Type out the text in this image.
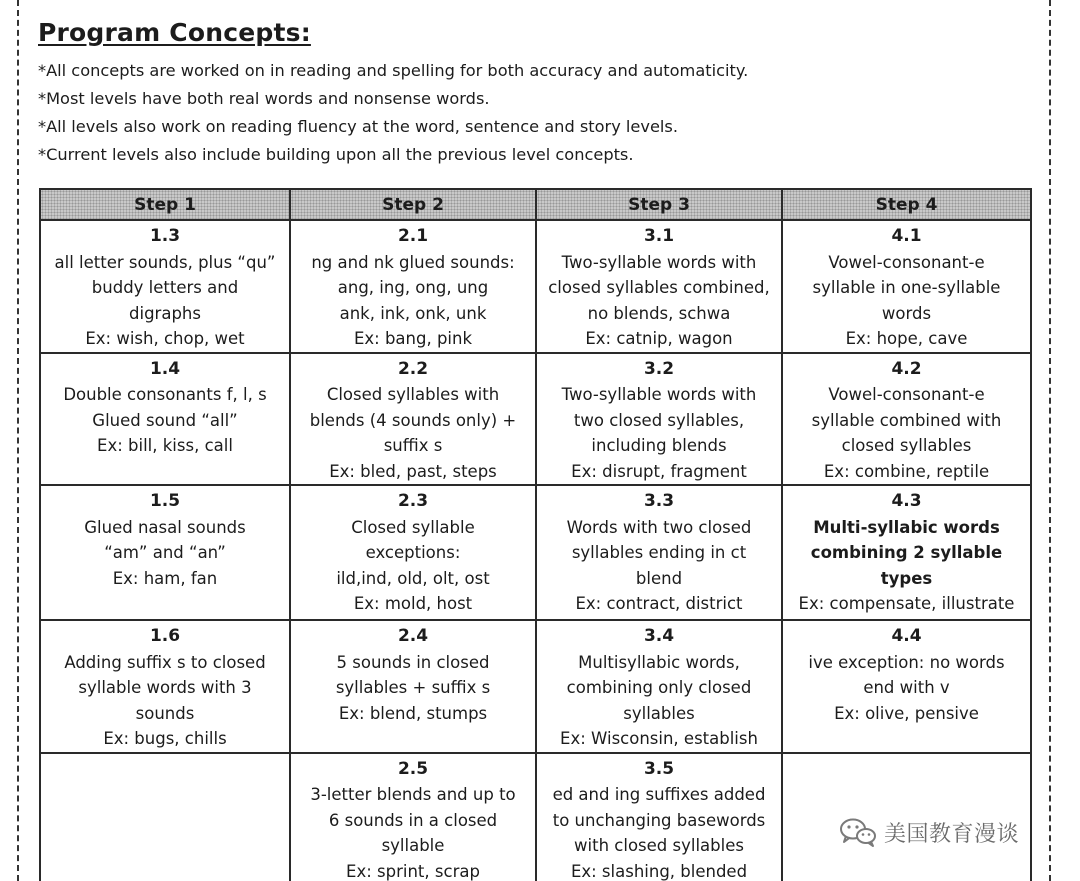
Program Concepts:
*All concepts are worked on in reading and spelling for both accuracy and automaticity.
*Most levels have both real words and nonsense words.
*All levels also work on reading fluency at the word, sentence and story levels.
*Current levels also include building upon all the previous level concepts.
Step 1	Step 2	Step 3	Step 4

1.3
all letter sounds, plus “qu”
buddy letters and
digraphs
Ex: wish, chop, wet	2.1
ng and nk glued sounds:
ang, ing, ong, ung
ank, ink, onk, unk
Ex: bang, pink	3.1
Two-syllable words with
closed syllables combined,
no blends, schwa
Ex: catnip, wagon	4.1
Vowel-consonant-e
syllable in one-syllable
words
Ex: hope, cave

1.4
Double consonants f, l, s
Glued sound “all”
Ex: bill, kiss, call	2.2
Closed syllables with
blends (4 sounds only) +
suffix s
Ex: bled, past, steps	3.2
Two-syllable words with
two closed syllables,
including blends
Ex: disrupt, fragment	4.2
Vowel-consonant-e
syllable combined with
closed syllables
Ex: combine, reptile

1.5
Glued nasal sounds
“am” and “an”
Ex: ham, fan	2.3
Closed syllable
exceptions:
ild,ind, old, olt, ost
Ex: mold, host	3.3
Words with two closed
syllables ending in ct
blend
Ex: contract, district	4.3
Multi-syllabic words
combining 2 syllable
types
Ex: compensate, illustrate

1.6
Adding suffix s to closed
syllable words with 3
sounds
Ex: bugs, chills	2.4
5 sounds in closed
syllables + suffix s
Ex: blend, stumps	3.4
Multisyllabic words,
combining only closed
syllables
Ex: Wisconsin, establish	4.4
ive exception: no words
end with v
Ex: olive, pensive

	2.5
3-letter blends and up to
6 sounds in a closed
syllable
Ex: sprint, scrap	3.5
ed and ing suffixes added
to unchanging basewords
with closed syllables
Ex: slashing, blended	

美国教育漫谈
